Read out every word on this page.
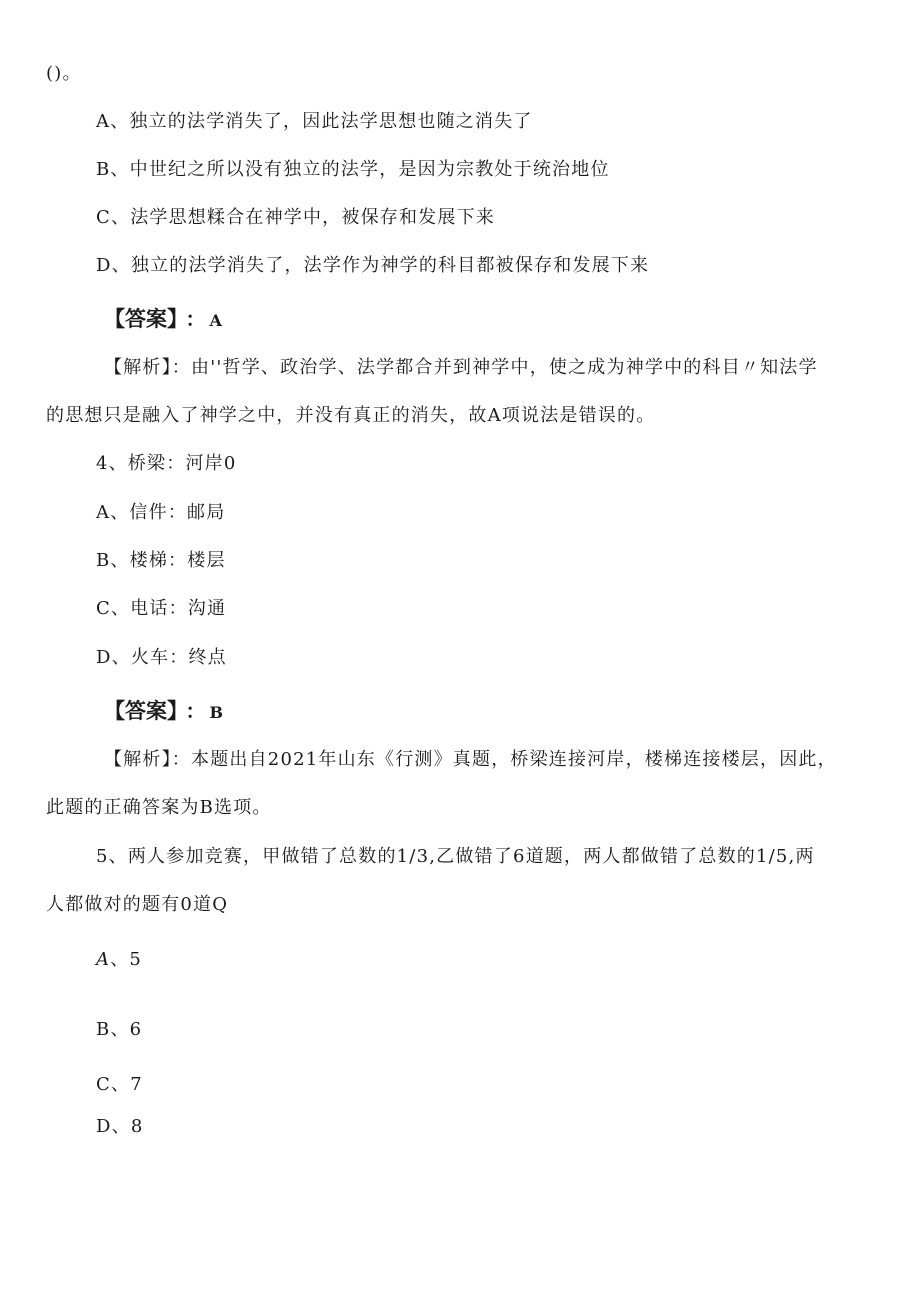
()。
A、独立的法学消失了，因此法学思想也随之消失了
B、中世纪之所以没有独立的法学，是因为宗教处于统治地位
C、法学思想糅合在神学中，被保存和发展下来
D、独立的法学消失了，法学作为神学的科目都被保存和发展下来
【答案】 ： A
【解析】：由''哲学、政治学、法学都合并到神学中，使之成为神学中的科目〃知法学
的思想只是融入了神学之中，并没有真正的消失，故A项说法是错误的。
4、桥梁：河岸0
A、信件：邮局
B、楼梯：楼层
C、电话：沟通
D、火车：终点
【答案】 ： B
【解析】：本题出自2021年山东《行测》真题，桥梁连接河岸，楼梯连接楼层，因此，
此题的正确答案为B选项。
5、两人参加竞赛，甲做错了总数的1/3,乙做错了6道题，两人都做错了总数的1/5,两
人都做对的题有0道Q
A、5
B、6
C、7
D、8
